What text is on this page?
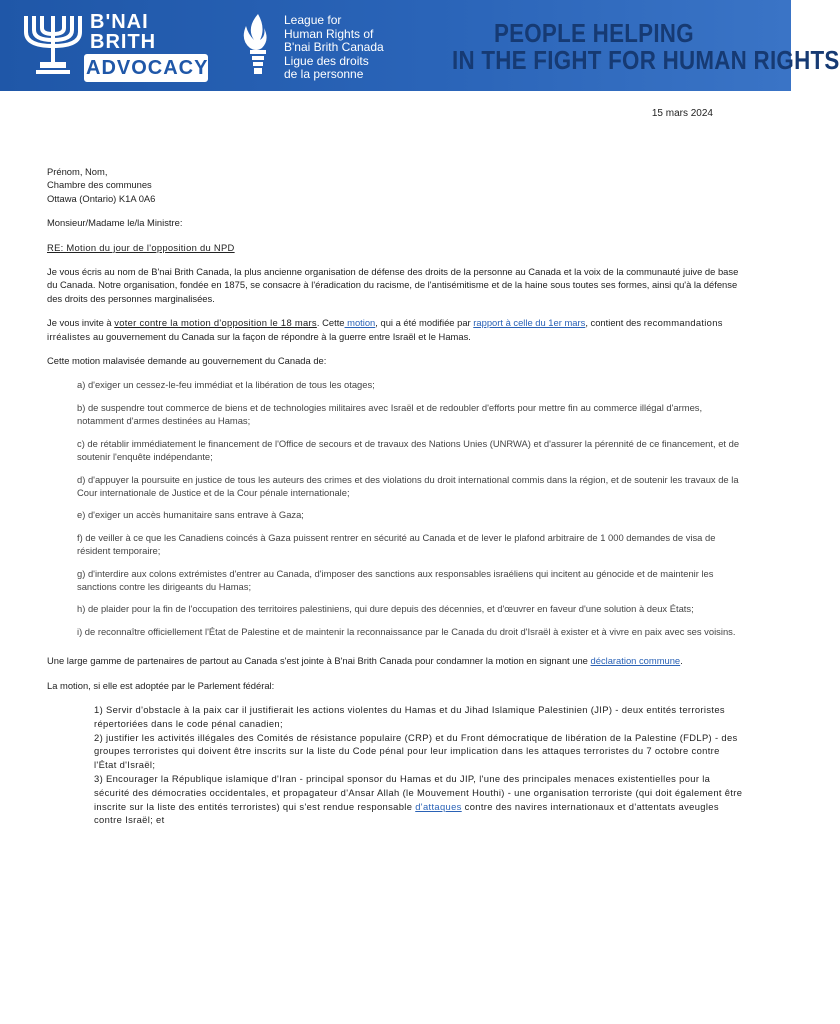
B'NAI
BRITH
ADVOCACY
League for
Human Rights of
B'nai Brith Canada
Ligue des droits
de la personne
PEOPLE HELPING
IN THE FIGHT FOR HUMAN RIGHTS
15 mars 2024
Prénom, Nom,
Chambre des communes
Ottawa (Ontario) K1A 0A6

Monsieur/Madame le/la Ministre:

RE: Motion du jour de l'opposition du NPD

Je vous écris au nom de B'nai Brith Canada, la plus ancienne organisation de défense des droits de la personne au Canada et la voix de la communauté juive de base du Canada. Notre organisation, fondée en 1875, se consacre à l'éradication du racisme, de l'antisémitisme et de la haine sous toutes ses formes, ainsi qu'à la défense des droits des personnes marginalisées.

Je vous invite à voter contre la motion d'opposition le 18 mars. Cette motion, qui a été modifiée par rapport à celle du 1er mars, contient des recommandations irréalistes au gouvernement du Canada sur la façon de répondre à la guerre entre Israël et le Hamas.

Cette motion malavisée demande au gouvernement du Canada de:

a) d'exiger un cessez-le-feu immédiat et la libération de tous les otages;

b) de suspendre tout commerce de biens et de technologies militaires avec Israël et de redoubler d'efforts pour mettre fin au commerce illégal d'armes, notamment d'armes destinées au Hamas;

c) de rétablir immédiatement le financement de l'Office de secours et de travaux des Nations Unies (UNRWA) et d'assurer la pérennité de ce financement, et de soutenir l'enquête indépendante;

d) d'appuyer la poursuite en justice de tous les auteurs des crimes et des violations du droit international commis dans la région, et de soutenir les travaux de la Cour internationale de Justice et de la Cour pénale internationale;

e) d'exiger un accès humanitaire sans entrave à Gaza;

f) de veiller à ce que les Canadiens coincés à Gaza puissent rentrer en sécurité au Canada et de lever le plafond arbitraire de 1 000 demandes de visa de résident temporaire;

g) d'interdire aux colons extrémistes d'entrer au Canada, d'imposer des sanctions aux responsables israéliens qui incitent au génocide et de maintenir les sanctions contre les dirigeants du Hamas;

h) de plaider pour la fin de l'occupation des territoires palestiniens, qui dure depuis des décennies, et d'œuvrer en faveur d'une solution à deux États;

i) de reconnaître officiellement l'État de Palestine et de maintenir la reconnaissance par le Canada du droit d'Israël à exister et à vivre en paix avec ses voisins.

Une large gamme de partenaires de partout au Canada s'est jointe à B'nai Brith Canada pour condamner la motion en signant une déclaration commune.

La motion, si elle est adoptée par le Parlement fédéral:

1) Servir d'obstacle à la paix car il justifierait les actions violentes du Hamas et du Jihad Islamique Palestinien (JIP) - deux entités terroristes répertoriées dans le code pénal canadien;

2) justifier les activités illégales des Comités de résistance populaire (CRP) et du Front démocratique de libération de la Palestine (FDLP) - des groupes terroristes qui doivent être inscrits sur la liste du Code pénal pour leur implication dans les attaques terroristes du 7 octobre contre l'État d'Israël;

3) Encourager la République islamique d'Iran - principal sponsor du Hamas et du JIP, l'une des principales menaces existentielles pour la sécurité des démocraties occidentales, et propagateur d'Ansar Allah (le Mouvement Houthi) - une organisation terroriste (qui doit également être inscrite sur la liste des entités terroristes) qui s'est rendue responsable d'attaques contre des navires internationaux et d'attentats aveugles contre Israël; et
